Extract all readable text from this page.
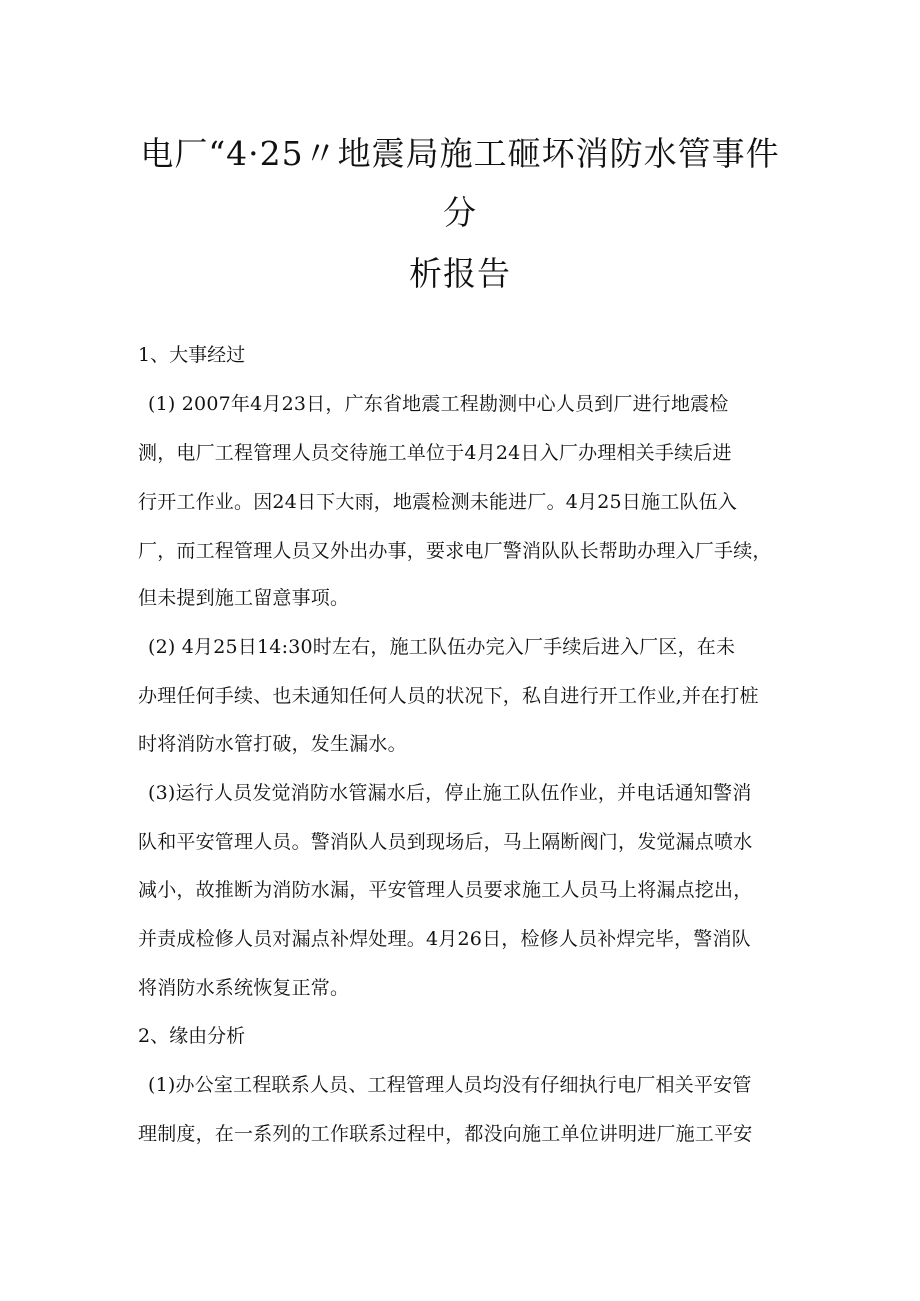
电厂“4·25〃地震局施工砸坏消防水管事件
分
析报告
1、大事经过
(1) 2007年4月23日，广东省地震工程勘测中心人员到厂进行地震检
测，电厂工程管理人员交待施工单位于4月24日入厂办理相关手续后进
行开工作业。因24日下大雨，地震检测未能进厂。4月25日施工队伍入
厂，而工程管理人员又外出办事，要求电厂警消队队长帮助办理入厂手续，
但未提到施工留意事项。
(2) 4月25日14:30时左右，施工队伍办完入厂手续后进入厂区，在未
办理任何手续、也未通知任何人员的状况下，私自进行开工作业,并在打桩
时将消防水管打破，发生漏水。
(3)运行人员发觉消防水管漏水后，停止施工队伍作业，并电话通知警消
队和平安管理人员。警消队人员到现场后，马上隔断阀门，发觉漏点喷水
减小，故推断为消防水漏，平安管理人员要求施工人员马上将漏点挖出，
并责成检修人员对漏点补焊处理。4月26日，检修人员补焊完毕，警消队
将消防水系统恢复正常。
2、缘由分析
(1)办公室工程联系人员、工程管理人员均没有仔细执行电厂相关平安管
理制度，在一系列的工作联系过程中，都没向施工单位讲明进厂施工平安
